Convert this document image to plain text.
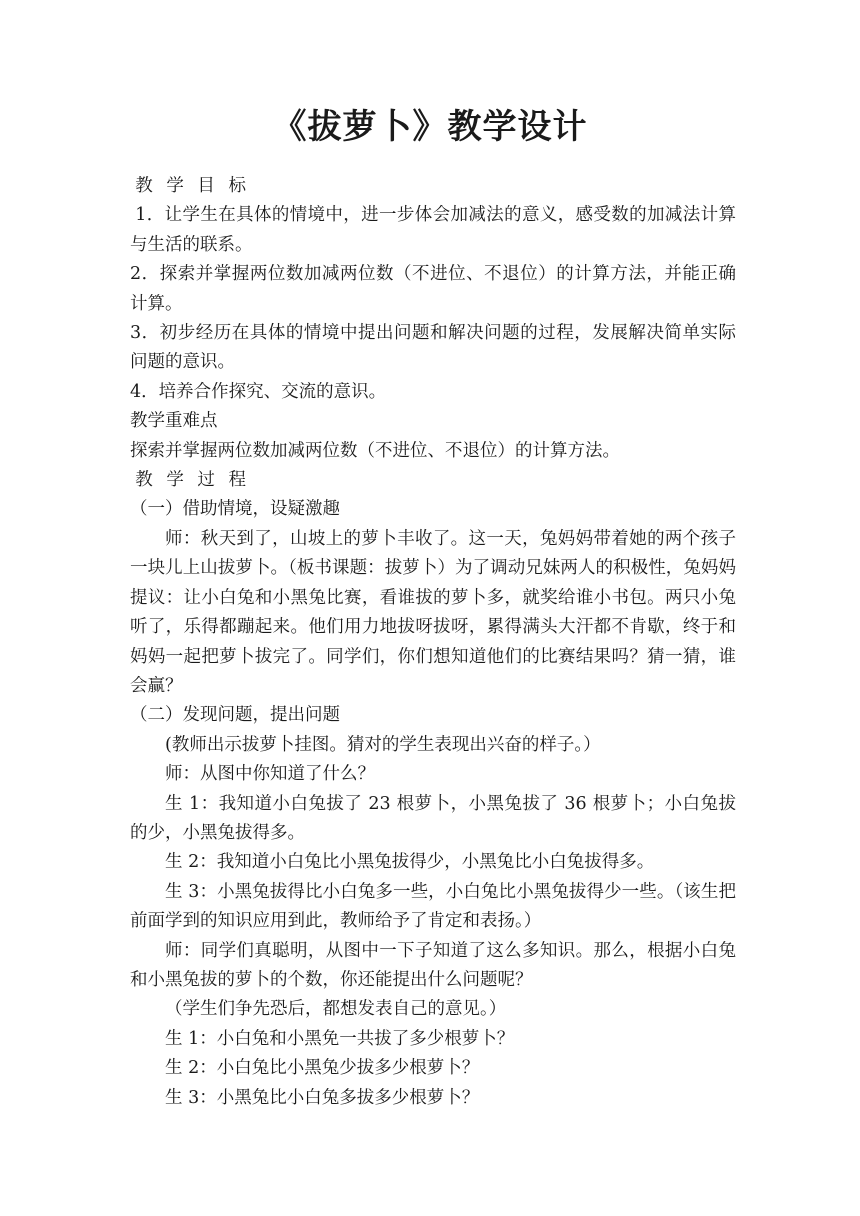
《拔萝卜》教学设计

教 学 目 标

1．让学生在具体的情境中，进一步体会加减法的意义，感受数的加减法计算与生活的联系。

2．探索并掌握两位数加减两位数（不进位、不退位）的计算方法，并能正确计算。

3．初步经历在具体的情境中提出问题和解决问题的过程，发展解决简单实际问题的意识。

4．培养合作探究、交流的意识。

教学重难点

探索并掌握两位数加减两位数（不进位、不退位）的计算方法。

教 学 过 程

（一）借助情境，设疑激趣

师：秋天到了，山坡上的萝卜丰收了。这一天，兔妈妈带着她的两个孩子一块儿上山拔萝卜。（板书课题：拔萝卜）为了调动兄妹两人的积极性，兔妈妈提议：让小白兔和小黑兔比赛，看谁拔的萝卜多，就奖给谁小书包。两只小兔听了，乐得都蹦起来。他们用力地拔呀拔呀，累得满头大汗都不肯歇，终于和妈妈一起把萝卜拔完了。同学们，你们想知道他们的比赛结果吗？猜一猜，谁会赢？

（二）发现问题，提出问题

(教师出示拔萝卜挂图。猜对的学生表现出兴奋的样子。）

师：从图中你知道了什么？

生 1：我知道小白兔拔了 23 根萝卜，小黑兔拔了 36 根萝卜；小白兔拔的少，小黑兔拔得多。

生 2：我知道小白兔比小黑兔拔得少，小黑兔比小白兔拔得多。

生 3：小黑兔拔得比小白兔多一些，小白兔比小黑兔拔得少一些。（该生把前面学到的知识应用到此，教师给予了肯定和表扬。）

师：同学们真聪明，从图中一下子知道了这么多知识。那么，根据小白兔和小黑兔拔的萝卜的个数，你还能提出什么问题呢？

（学生们争先恐后，都想发表自己的意见。）

生 1：小白兔和小黑免一共拔了多少根萝卜？

生 2：小白兔比小黑兔少拔多少根萝卜？

生 3：小黑兔比小白兔多拔多少根萝卜？
